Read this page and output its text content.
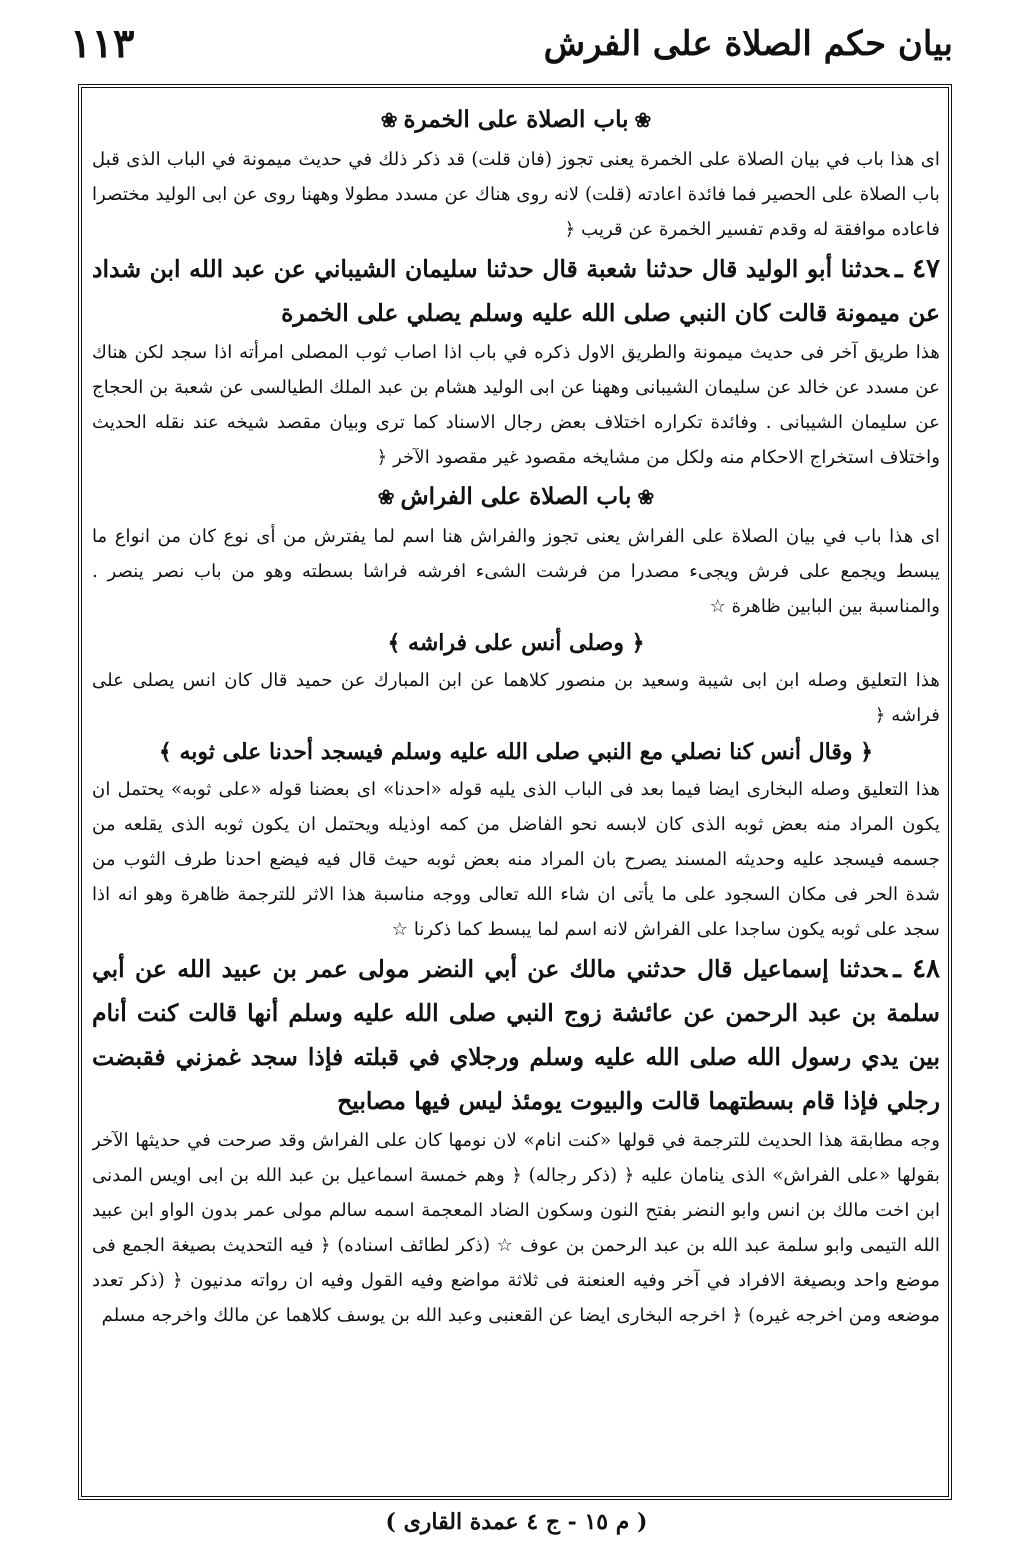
١١٣	بيان حكم الصلاة على الفرش
❀باب الصلاة على الخمرة❀

اى هذا باب في بيان الصلاة على الخمرة يعنى تجوز (فان قلت) قد ذكر ذلك في حديث ميمونة في الباب الذى قبل باب الصلاة على الحصير فما فائدة اعادته (قلت) لانه روى هناك عن مسدد مطولا وههنا روى عن ابى الوليد مختصرا فاعاده موافقة له وقدم تفسير الخمرة عن قريب ﴿

٤٧ ـحدثنا أبو الوليد قال حدثنا شعبة قال حدثنا سليمان الشيباني عن عبد الله ابن شداد عن ميمونة قالت كان النبي صلى الله عليه وسلم يصلي على الخمرة

هذا طريق آخر فى حديث ميمونة والطريق الاول ذكره في باب اذا اصاب ثوب المصلى امرأته اذا سجد لكن هناك عن مسدد عن خالد عن سليمان الشيبانى وههنا عن ابى الوليد هشام بن عبد الملك الطيالسى عن شعبة بن الحجاج عن سليمان الشيبانى . وفائدة تكراره اختلاف بعض رجال الاسناد كما ترى وبيان مقصد شيخه عند نقله الحديث واختلاف استخراج الاحكام منه ولكل من مشايخه مقصود غير مقصود الآخر ﴿

❀باب الصلاة على الفراش❀

اى هذا باب في بيان الصلاة على الفراش يعنى تجوز والفراش هنا اسم لما يفترش من أى نوع كان من انواع ما يبسط ويجمع على فرش ويجىء مصدرا من فرشت الشىء افرشه فراشا بسطته وهو من باب نصر ينصر . والمناسبة بين البابين ظاهرة ☆

﴿ وصلى أنس على فراشه ﴾

هذا التعليق وصله ابن ابى شيبة وسعيد بن منصور كلاهما عن ابن المبارك عن حميد قال كان انس يصلى على فراشه ﴿

﴿ وقال أنس كنا نصلي مع النبي صلى الله عليه وسلم فيسجد أحدنا على ثوبه ﴾

هذا التعليق وصله البخارى ايضا فيما بعد فى الباب الذى يليه قوله «احدنا» اى بعضنا قوله «على ثوبه» يحتمل ان يكون المراد منه بعض ثوبه الذى كان لابسه نحو الفاضل من كمه اوذيله ويحتمل ان يكون ثوبه الذى يقلعه من جسمه فيسجد عليه وحديثه المسند يصرح بان المراد منه بعض ثوبه حيث قال فيه فيضع احدنا طرف الثوب من شدة الحر فى مكان السجود على ما يأتى ان شاء الله تعالى ووجه مناسبة هذا الاثر للترجمة ظاهرة وهو انه اذا سجد على ثوبه يكون ساجدا على الفراش لانه اسم لما يبسط كما ذكرنا ☆

٤٨ ـحدثنا إسماعيل قال حدثني مالك عن أبي النضر مولى عمر بن عبيد الله عن أبي سلمة بن عبد الرحمن عن عائشة زوج النبي صلى الله عليه وسلم أنها قالت كنت أنام بين يدي رسول الله صلى الله عليه وسلم ورجلاي في قبلته فإذا سجد غمزني فقبضت رجلي فإذا قام بسطتهما قالت والبيوت يومئذ ليس فيها مصابيح

وجه مطابقة هذا الحديث للترجمة في قولها «كنت انام» لان نومها كان على الفراش وقد صرحت في حديثها الآخر بقولها «على الفراش» الذى ينامان عليه ﴿ (ذكر رجاله) ﴿ وهم خمسة اسماعيل بن عبد الله بن ابى اويس المدنى ابن اخت مالك بن انس وابو النضر بفتح النون وسكون الضاد المعجمة اسمه سالم مولى عمر بدون الواو ابن عبيد الله التيمى وابو سلمة عبد الله بن عبد الرحمن بن عوف ☆ (ذكر لطائف اسناده) ﴿ فيه التحديث بصيغة الجمع فى موضع واحد وبصيغة الافراد في آخر وفيه العنعنة فى ثلاثة مواضع وفيه القول وفيه ان رواته مدنيون ﴿ (ذكر تعدد موضعه ومن اخرجه غيره) ﴿ اخرجه البخارى ايضا عن القعنبى وعبد الله بن يوسف كلاهما عن مالك واخرجه مسلم

( م ١٥ - ج ٤ عمدة القارى )
